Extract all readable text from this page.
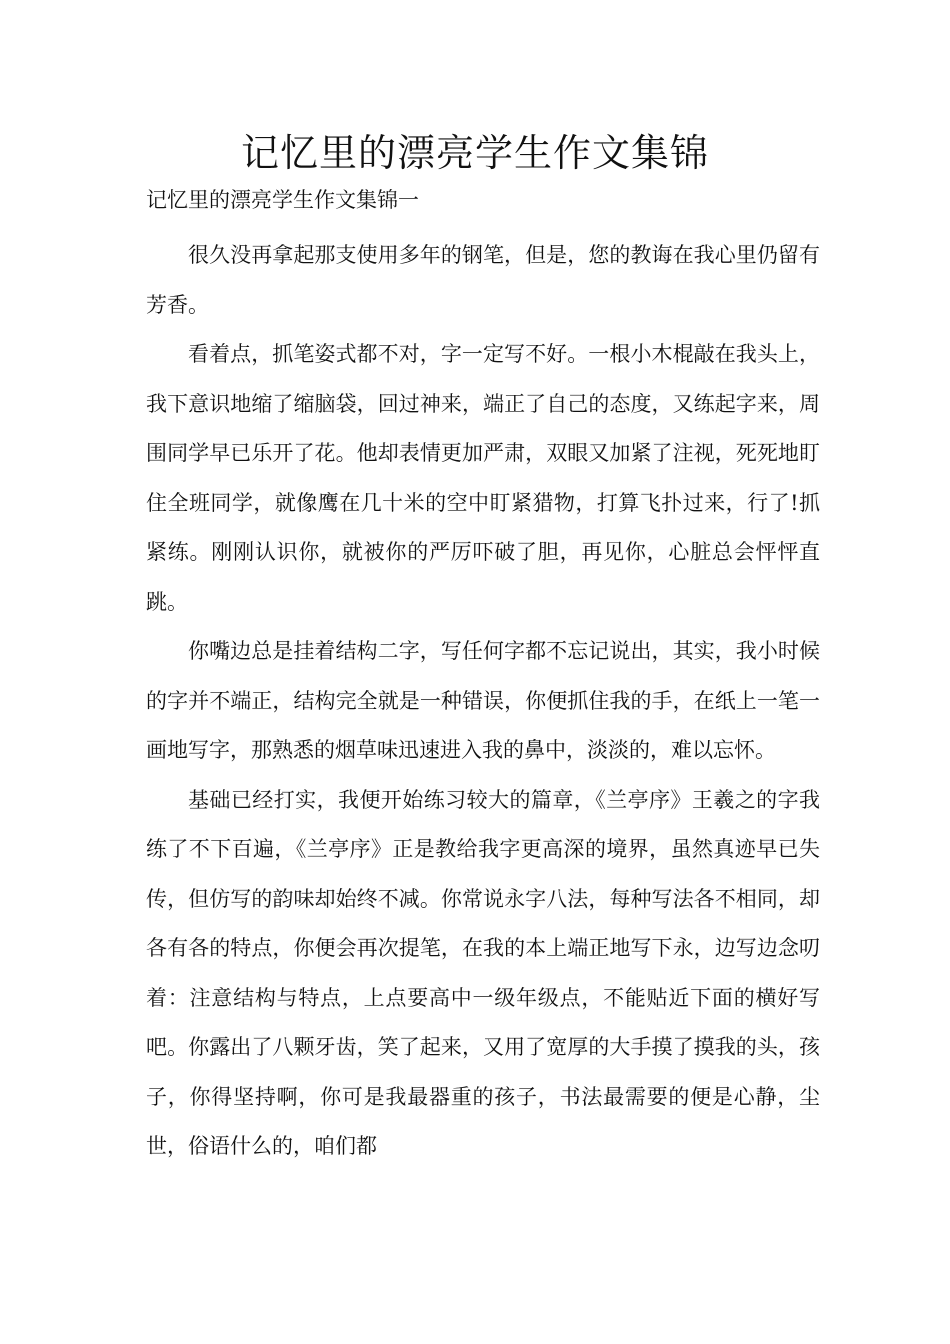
记忆里的漂亮学生作文集锦

记忆里的漂亮学生作文集锦一

很久没再拿起那支使用多年的钢笔，但是，您的教诲在我心里仍留有芳香。

看着点，抓笔姿式都不对，字一定写不好。一根小木棍敲在我头上，我下意识地缩了缩脑袋，回过神来，端正了自己的态度，又练起字来，周围同学早已乐开了花。他却表情更加严肃，双眼又加紧了注视，死死地盯住全班同学，就像鹰在几十米的空中盯紧猎物，打算飞扑过来，行了!抓紧练。刚刚认识你，就被你的严厉吓破了胆，再见你，心脏总会怦怦直跳。

你嘴边总是挂着结构二字，写任何字都不忘记说出，其实，我小时候的字并不端正，结构完全就是一种错误，你便抓住我的手，在纸上一笔一画地写字，那熟悉的烟草味迅速进入我的鼻中，淡淡的，难以忘怀。

基础已经打实，我便开始练习较大的篇章，《兰亭序》王羲之的字我练了不下百遍，《兰亭序》正是教给我字更高深的境界，虽然真迹早已失传，但仿写的韵味却始终不减。你常说永字八法，每种写法各不相同，却各有各的特点，你便会再次提笔，在我的本上端正地写下永，边写边念叨着：注意结构与特点，上点要高中一级年级点，不能贴近下面的横好写吧。你露出了八颗牙齿，笑了起来，又用了宽厚的大手摸了摸我的头，孩子，你得坚持啊，你可是我最器重的孩子，书法最需要的便是心静，尘世，俗语什么的，咱们都
